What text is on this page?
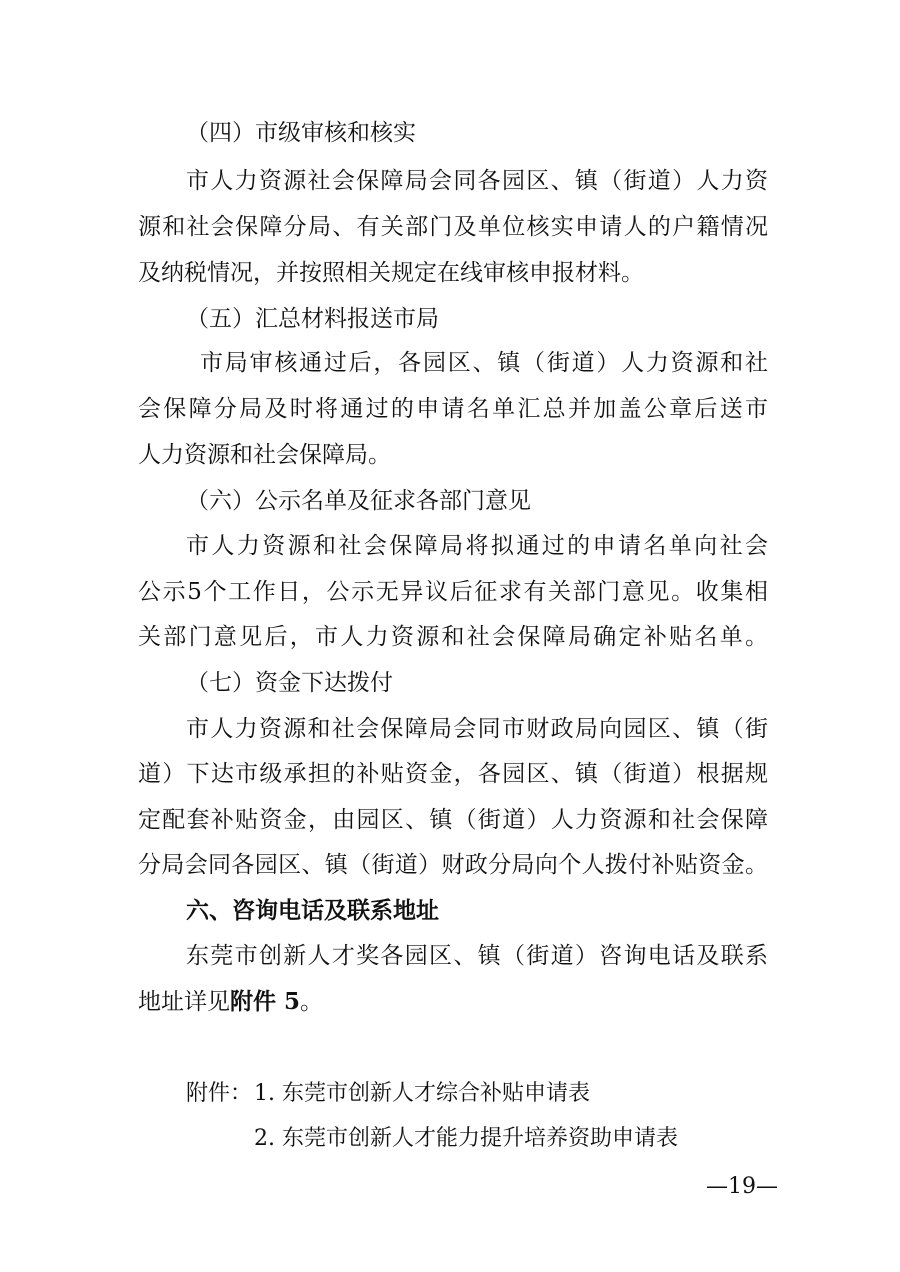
（四）市级审核和核实
市人力资源社会保障局会同各园区、镇（街道）人力资
源和社会保障分局、有关部门及单位核实申请人的户籍情况
及纳税情况，并按照相关规定在线审核申报材料。
（五）汇总材料报送市局
市局审核通过后，各园区、镇（街道）人力资源和社
会保障分局及时将通过的申请名单汇总并加盖公章后送市
人力资源和社会保障局。
（六）公示名单及征求各部门意见
市人力资源和社会保障局将拟通过的申请名单向社会
公示5个工作日，公示无异议后征求有关部门意见。收集相
关部门意见后，市人力资源和社会保障局确定补贴名单。
（七）资金下达拨付
市人力资源和社会保障局会同市财政局向园区、镇（街
道）下达市级承担的补贴资金，各园区、镇（街道）根据规
定配套补贴资金，由园区、镇（街道）人力资源和社会保障
分局会同各园区、镇（街道）财政分局向个人拨付补贴资金。
六、咨询电话及联系地址
东莞市创新人才奖各园区、镇（街道）咨询电话及联系
地址详见附件 5。
附件： 1. 东莞市创新人才综合补贴申请表
2. 东莞市创新人才能力提升培养资助申请表
—19—
